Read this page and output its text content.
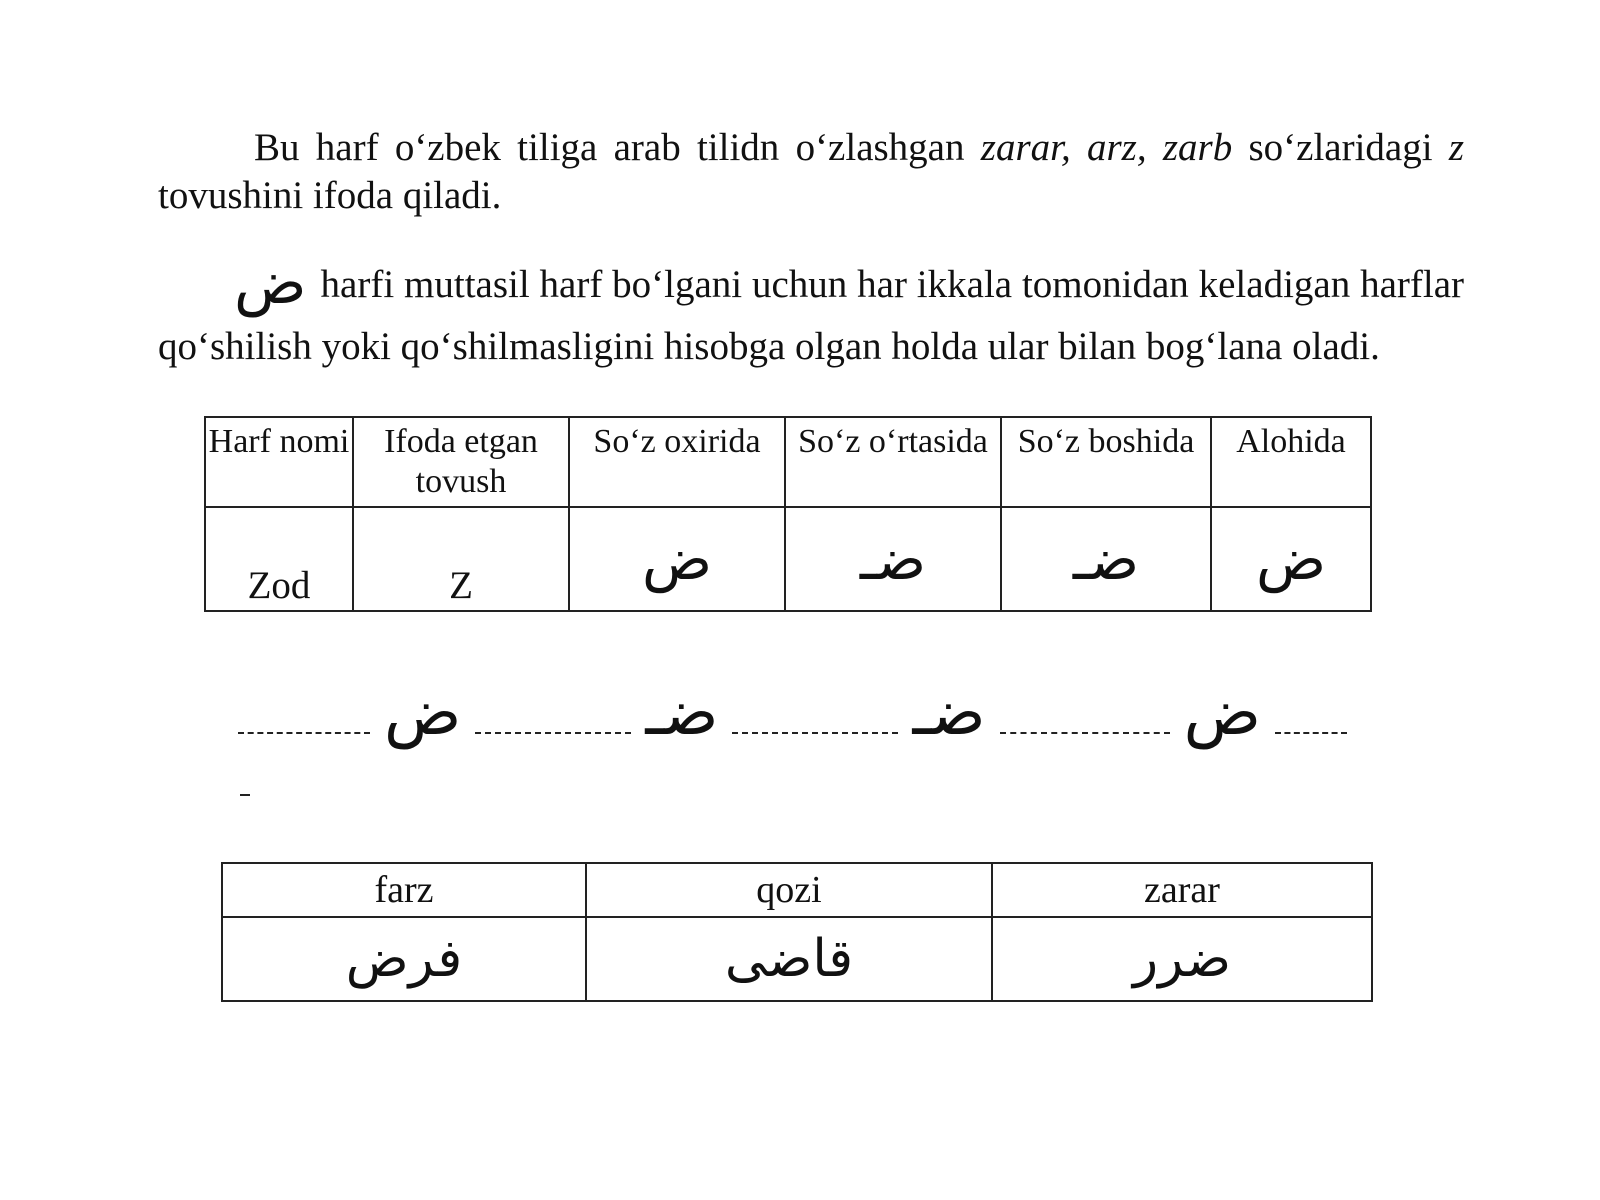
Bu harf o‘zbek tiliga arab tilidn o‘zlashgan zarar, arz, zarb so‘zlaridagi z tovushini ifoda qiladi.

ضharfi muttasil harf bo‘lgani uchun har ikkala tomonidan keladigan harflar qo‘shilish yoki qo‘shilmasligini hisobga olgan holda ular bilan bog‘lana oladi.

Harf nomi	Ifoda etgan tovush	So‘z oxirida	So‘z o‘rtasida	So‘z boshida	Alohida
Zod	Z	ض	ضـ	ضـ	ض
ض	ضـ	ضـ	ض
farz	qozi	zarar
فرض	قاضى	ضرر
